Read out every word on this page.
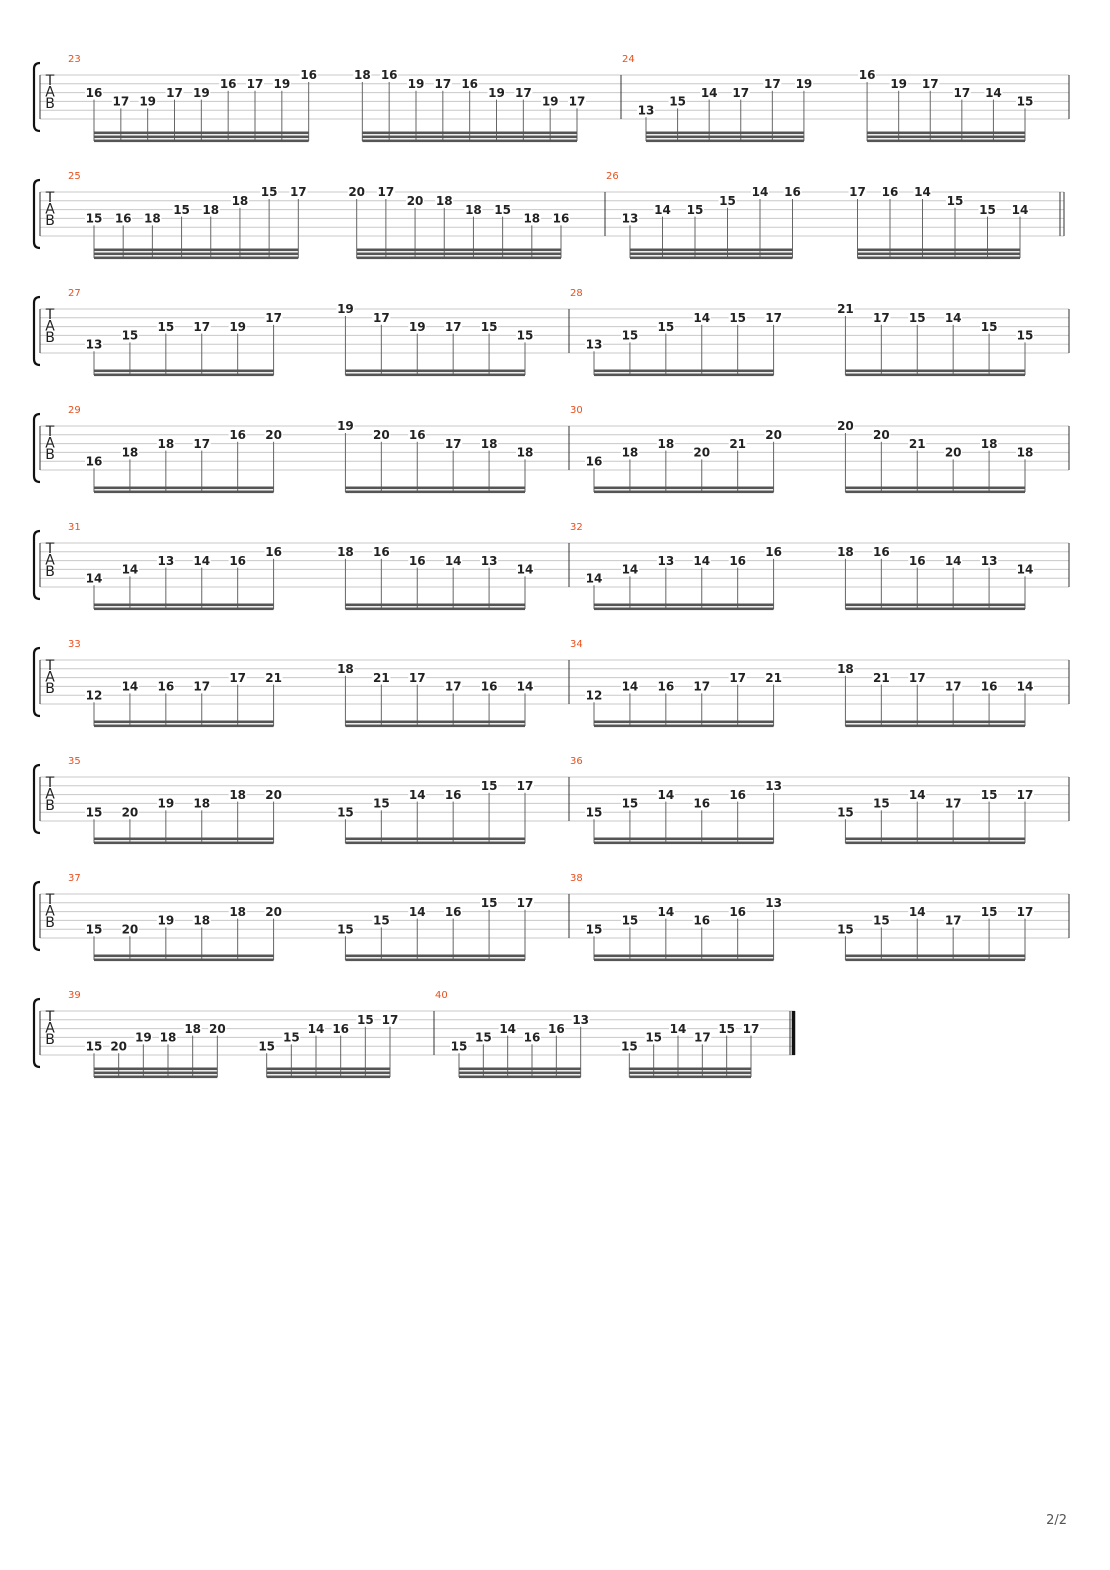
T
A
B
23
16
17 19
17 19
16 17 19
16	18 16
19 17 16
19 17
19 17
24
13
15
14 17
17 19
16
19 17
17 14
15
T
A
B
25
15 16 18
15 18
18
15 17	20 17
20 18
18 15
18 16
26
13
14 15
15
14 16	17 16 14
15
15 14
T
A
B
27
13
15
15 17 19
17
19
17
19 17 15
15
28
13
15
15
14 15 17
21
17 15 14
15
15
T
A
B
29
16
18
18 17
16 20
19
20 16
17 18
18
30
16
18
18
20
21
20
20
20
21
20
18
18
T
A
B
31
14
14
13 14 16
16	18 16
16 14 13
14
32
14
14
13 14 16
16	18 16
16 14 13
14
T
A
B
33
12
14 16 17
17 21
18
21 17
17 16 14
34
12
14 16 17
17 21
18
21 17
17 16 14
T
A
B
35
15 20
19 18
18 20
15
15
14 16
15 17
36
15
15
14
16
16
13
15
15
14
17
15 17
T
A
B
37
15 20
19 18
18 20
15
15
14 16
15 17
38
15
15
14
16
16
13
15
15
14
17
15 17
T
A
B
39
15 20
19 18
18 20
15
15
14 16
15 17
40
15
15
14
16
16
13
15
15
14
17
15 17
2/2
